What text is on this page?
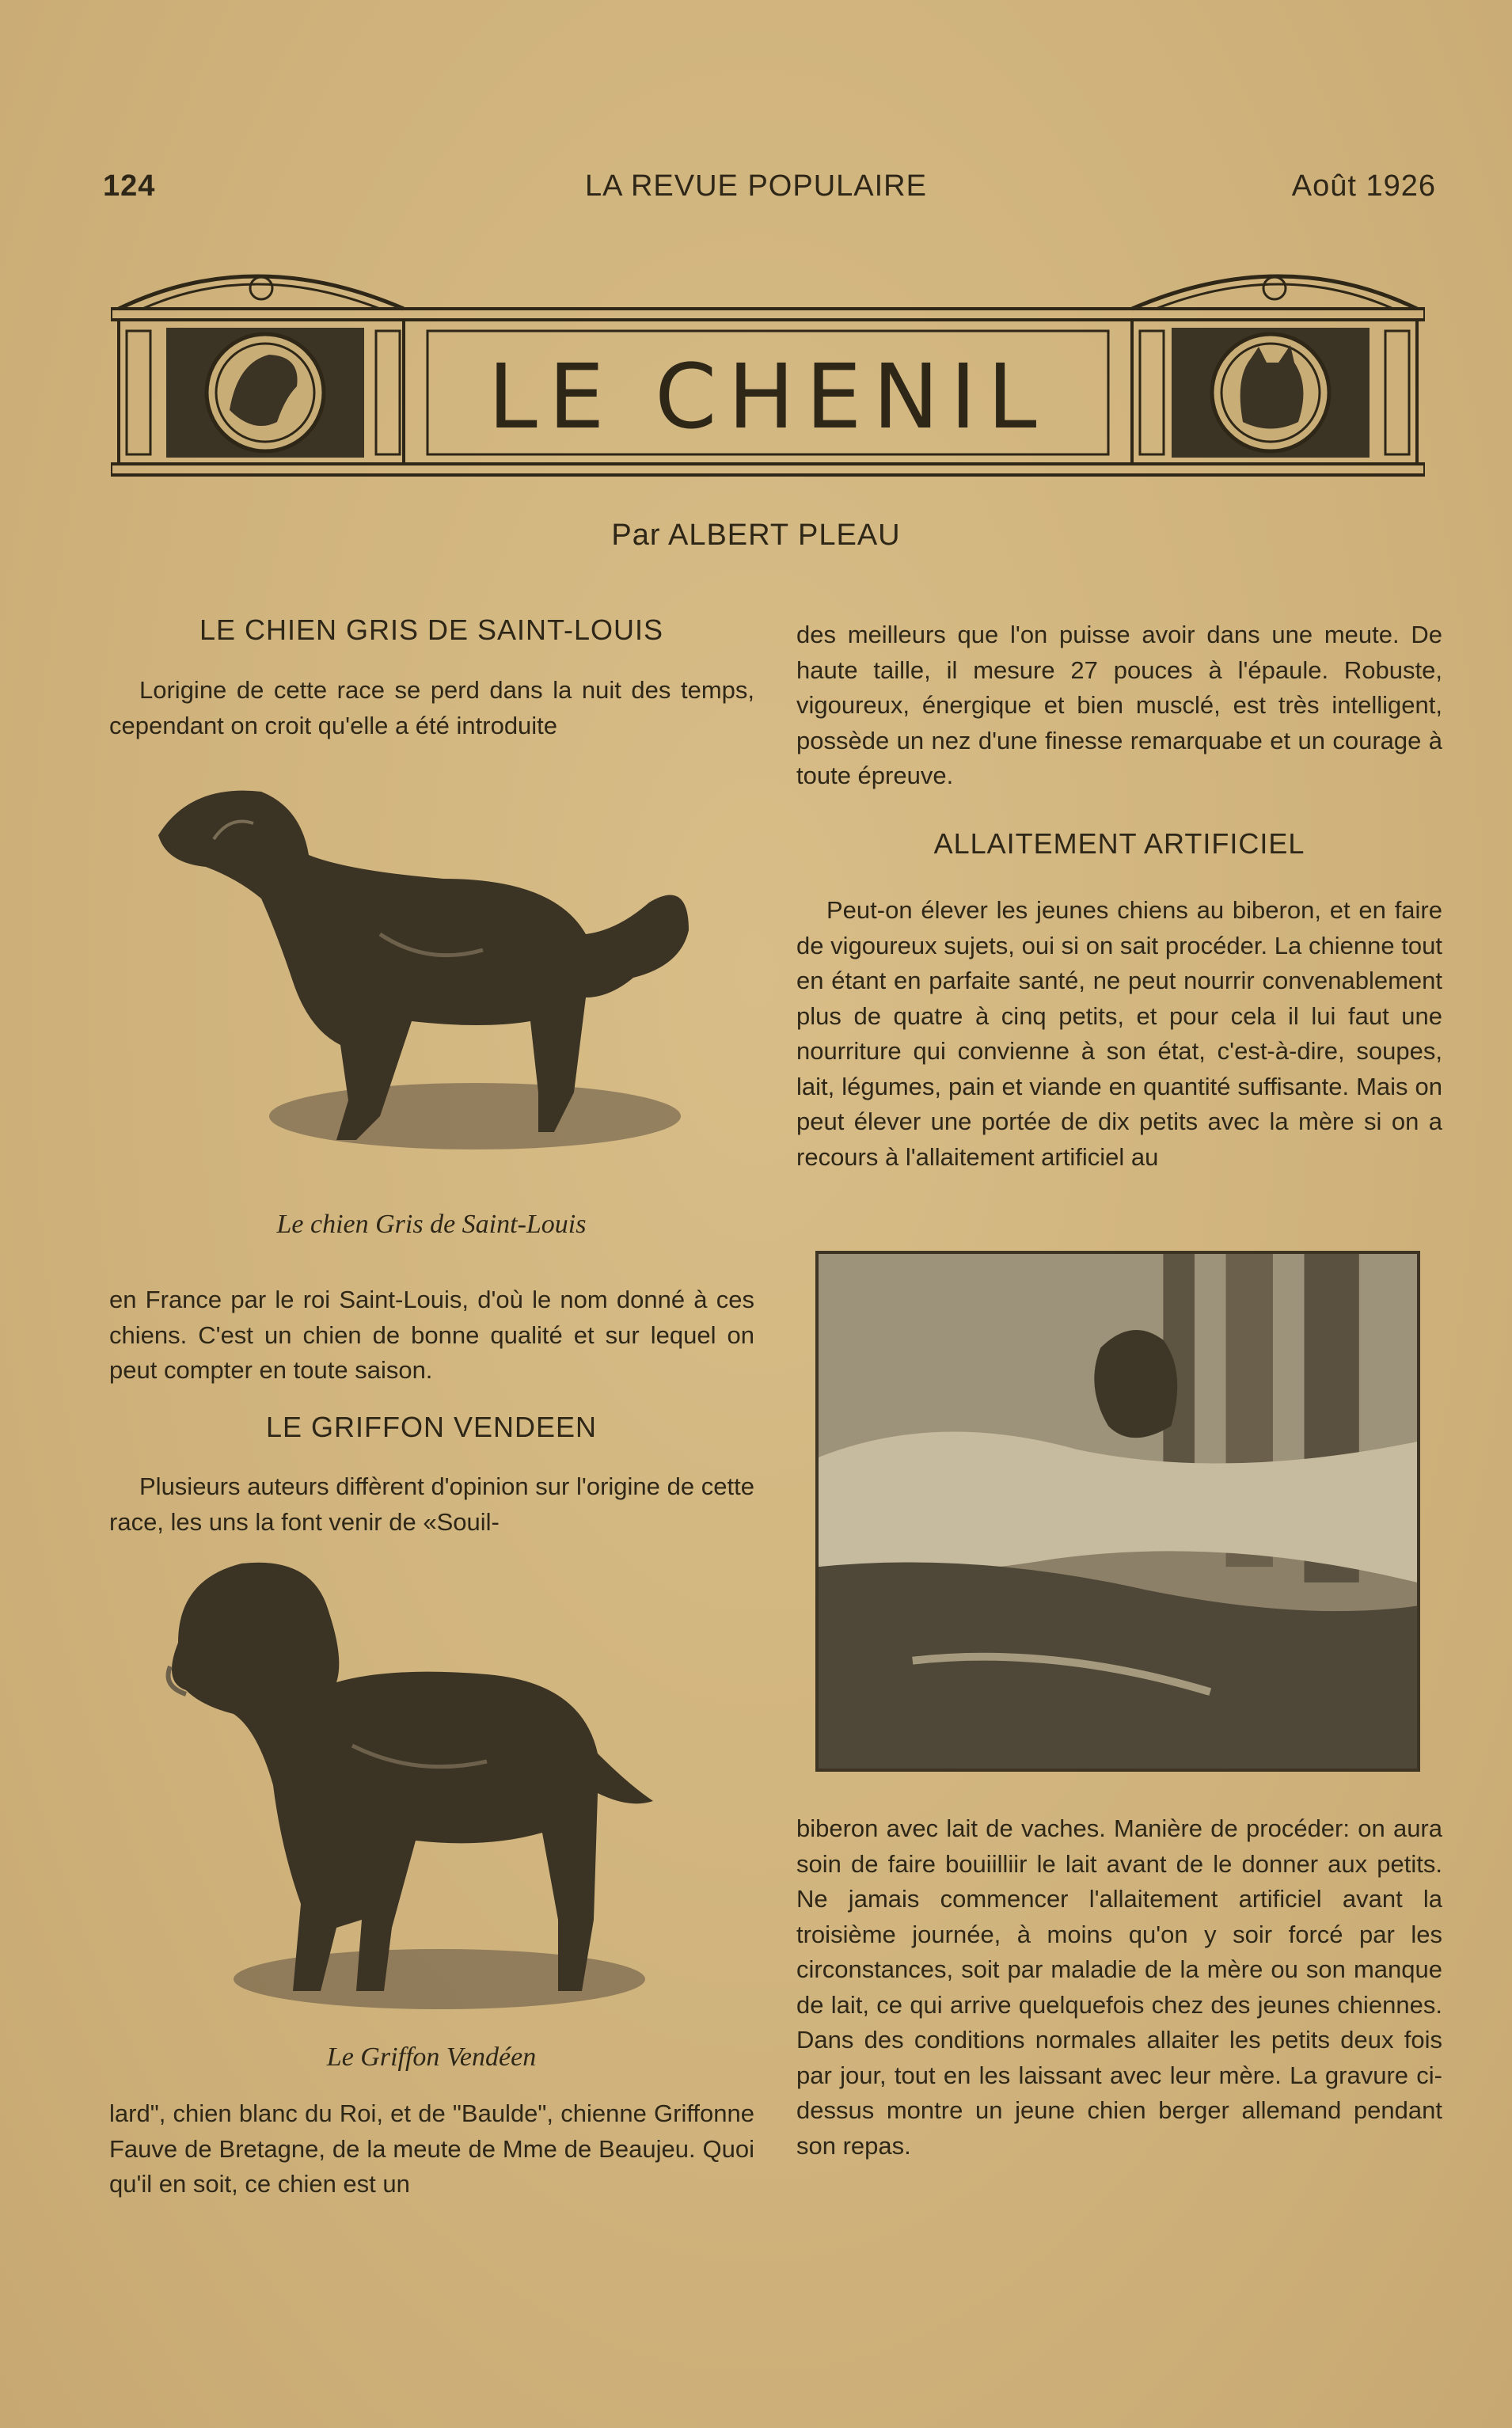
124	LA REVUE POPULAIRE	Août 1926
LE CHENIL
Par ALBERT PLEAU
LE CHIEN GRIS DE SAINT-LOUIS

Lorigine de cette race se perd dans la nuit des temps, cependant on croit qu'elle a été introduite

Le chien Gris de Saint-Louis

en France par le roi Saint-Louis, d'où le nom donné à ces chiens. C'est un chien de bonne qualité et sur lequel on peut compter en toute saison.

LE GRIFFON VENDEEN

Plusieurs auteurs diffèrent d'opinion sur l'origine de cette race, les uns la font venir de «Souil-

Le Griffon Vendéen

lard", chien blanc du Roi, et de "Baulde", chienne Griffonne Fauve de Bretagne, de la meute de Mme de Beaujeu. Quoi qu'il en soit, ce chien est un

des meilleurs que l'on puisse avoir dans une meute. De haute taille, il mesure 27 pouces à l'épaule. Robuste, vigoureux, énergique et bien musclé, est très intelligent, possède un nez d'une finesse remarquabe et un courage à toute épreuve.

ALLAITEMENT ARTIFICIEL

Peut-on élever les jeunes chiens au biberon, et en faire de vigoureux sujets, oui si on sait procéder. La chienne tout en étant en parfaite santé, ne peut nourrir convenablement plus de quatre à cinq petits, et pour cela il lui faut une nourriture qui convienne à son état, c'est-à-dire, soupes, lait, légumes, pain et viande en quantité suffisante. Mais on peut élever une portée de dix petits avec la mère si on a recours à l'allaitement artificiel au

biberon avec lait de vaches. Manière de procéder: on aura soin de faire bouiilliir le lait avant de le donner aux petits. Ne jamais commencer l'allaitement artificiel avant la troisième journée, à moins qu'on y soir forcé par les circonstances, soit par maladie de la mère ou son manque de lait, ce qui arrive quelquefois chez des jeunes chiennes. Dans des conditions normales allaiter les petits deux fois par jour, tout en les laissant avec leur mère. La gravure ci-dessus montre un jeune chien berger allemand pendant son repas.
